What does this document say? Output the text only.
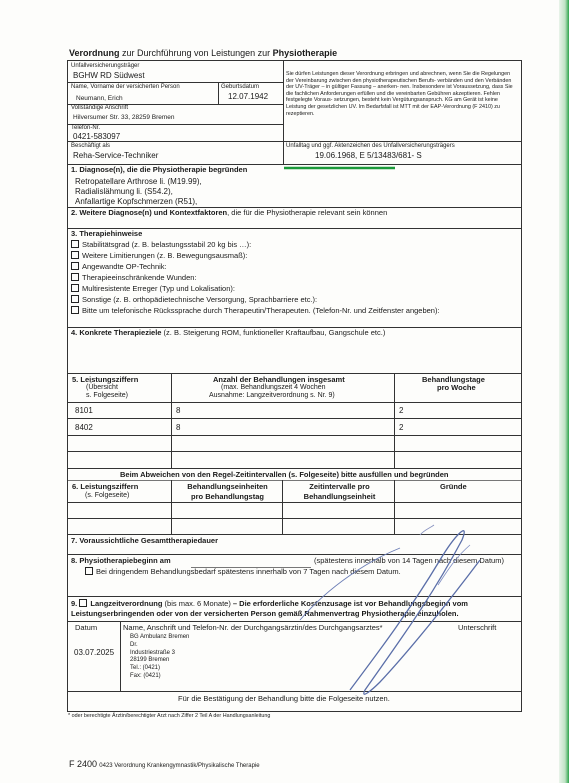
Verordnung zur Durchführung von Leistungen zur Physiotherapie
Unfallversicherungsträger
BGHW RD Südwest
Name, Vorname der versicherten Person	Geburtsdatum
Neumann, Erich	12.07.1942
Vollständige Anschrift
Hilversumer Str. 33, 28259 Bremen
Telefon-Nr.
0421-583097
Beschäftigt als
Reha-Service-Techniker
Sie dürfen Leistungen dieser Verordnung erbringen und abrechnen, wenn Sie die Regelungen der Vereinbarung zwischen den physiotherapeutischen Berufs- verbänden und den Verbänden der UV-Träger – in gültiger Fassung – anerken- nen. Insbesondere ist Voraussetzung, dass Sie die fachlichen Anforderungen erfüllen und die vereinbarten Gebühren akzeptieren. Fehlen festgelegte Voraus- setzungen, besteht kein Vergütungsanspruch. KG am Gerät ist keine Leistung der gesetzlichen UV. Im Bedarfsfall ist MTT mit der EAP-Verordnung (F 2410) zu rezeptieren.
Unfalltag und ggf. Aktenzeichen des Unfallversicherungsträgers
19.06.1968, E 5/13483/681- S
1. Diagnose(n), die die Physiotherapie begründen
Retropatellare Arthrose li. (M19.99),
Radialislähmung li. (S54.2),
Anfallartige Kopfschmerzen (R51),
2. Weitere Diagnose(n) und Kontextfaktoren, die für die Physiotherapie relevant sein können
3. Therapiehinweise
Stabilitätsgrad (z. B. belastungsstabil 20 kg bis …):
Weitere Limitierungen (z. B. Bewegungsausmaß):
Angewandte OP-Technik:
Therapieeinschränkende Wunden:
Multiresistente Erreger (Typ und Lokalisation):
Sonstige (z. B. orthopädietechnische Versorgung, Sprachbarriere etc.):
Bitte um telefonische Rückssprache durch Therapeutin/Therapeuten. (Telefon-Nr. und Zeitfenster angeben):
4. Konkrete Therapieziele (z. B. Steigerung ROM, funktioneller Kraftaufbau, Gangschule etc.)
5. Leistungsziffern
(Übersicht
s. Folgeseite)
Anzahl der Behandlungen insgesamt
(max. Behandlungszeit 4 Wochen
Ausnahme: Langzeitverordnung s. Nr. 9)
Behandlungstage
pro Woche
8101	8	2
8402	8	2
Beim Abweichen von den Regel-Zeitintervallen (s. Folgeseite) bitte ausfüllen und begründen
6. Leistungsziffern
(s. Folgeseite)
Behandlungseinheiten pro Behandlungstag
Zeitintervalle pro Behandlungseinheit
Gründe
7. Voraussichtliche Gesamttherapiedauer
8. Physiotherapiebeginn am	(spätestens innerhalb von 14 Tagen nach diesem Datum)
Bei dringendem Behandlungsbedarf spätestens innerhalb von 7 Tagen nach diesem Datum.
9. Langzeitverordnung (bis max. 6 Monate) – Die erforderliche Kostenzusage ist vor Behandlungsbeginn vom
Leistungserbringenden oder von der versicherten Person gemäß Rahmenvertrag Physiotherapie einzuholen.
Datum	Name, Anschrift und Telefon-Nr. der Durchgangsärztin/des Durchgangsarztes*	Unterschrift
03.07.2025
BG Ambulanz Bremen
Dr.
Industriestraße 3
28199 Bremen
Tel.: (0421)
Fax: (0421)
Für die Bestätigung der Behandlung bitte die Folgeseite nutzen.
* oder berechtigte Ärztin/berechtigter Arzt nach Ziffer 2 Teil A der Handlungsanleitung
F 2400 0423 Verordnung Krankengymnastik/Physikalische Therapie
